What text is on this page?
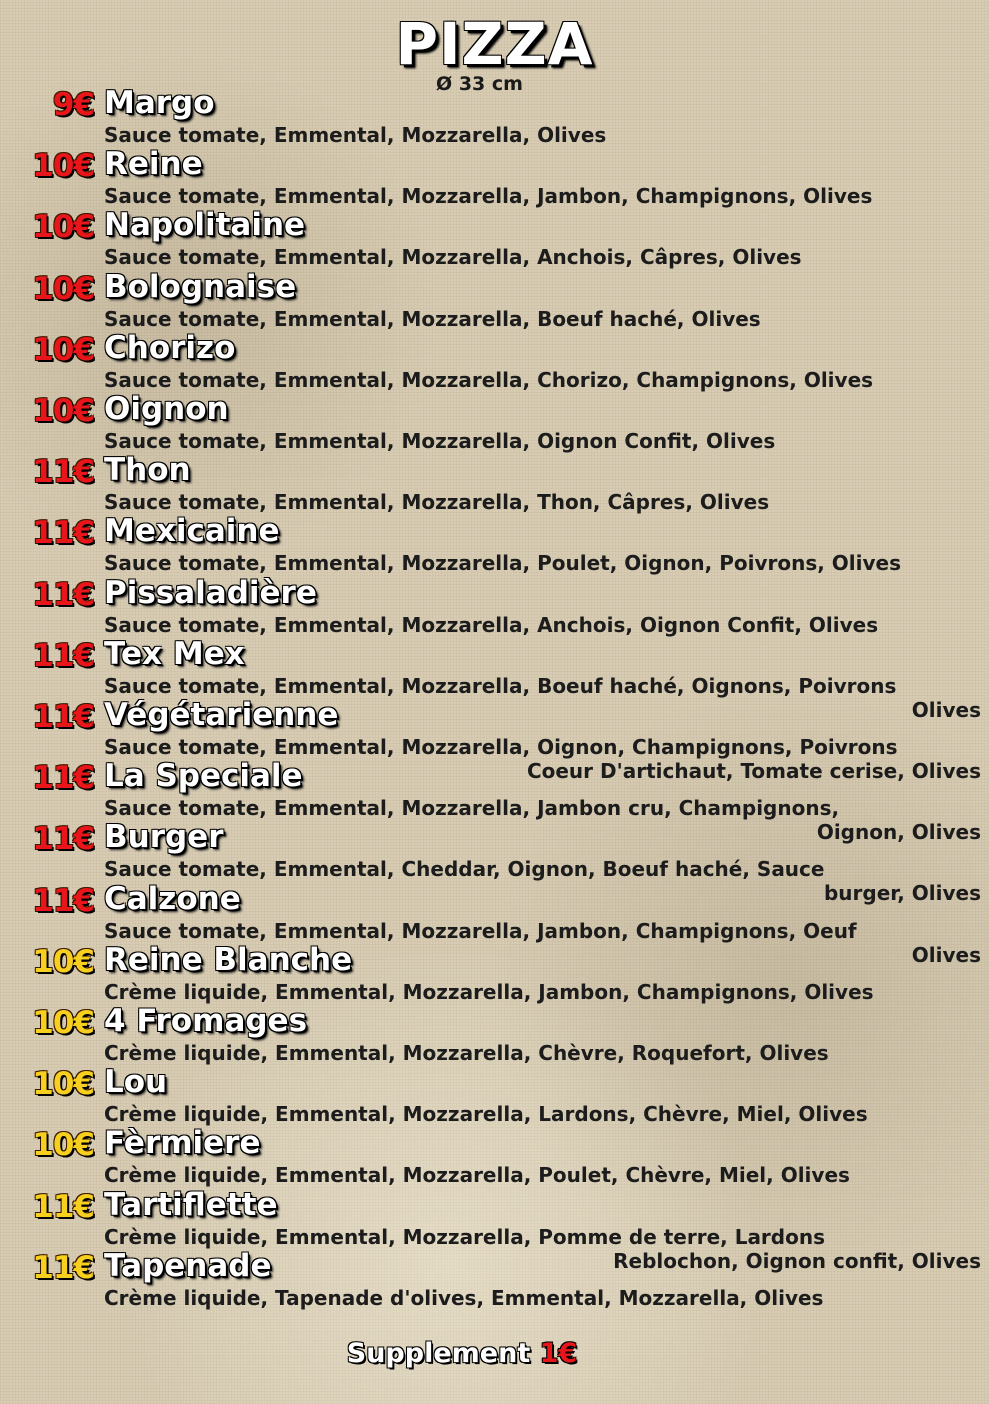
PIZZA
Ø 33 cm
9€ Margo
Sauce tomate, Emmental, Mozzarella, Olives
10€ Reine
Sauce tomate, Emmental, Mozzarella, Jambon, Champignons, Olives
10€ Napolitaine
Sauce tomate, Emmental, Mozzarella, Anchois, Câpres, Olives
10€ Bolognaise
Sauce tomate, Emmental, Mozzarella, Boeuf haché, Olives
10€ Chorizo
Sauce tomate, Emmental, Mozzarella, Chorizo, Champignons, Olives
10€ Oignon
Sauce tomate, Emmental, Mozzarella, Oignon Confit, Olives
11€ Thon
Sauce tomate, Emmental, Mozzarella, Thon, Câpres, Olives
11€ Mexicaine
Sauce tomate, Emmental, Mozzarella, Poulet, Oignon, Poivrons, Olives
11€ Pissaladière
Sauce tomate, Emmental, Mozzarella, Anchois, Oignon Confit, Olives
11€ Tex Mex
Sauce tomate, Emmental, Mozzarella, Boeuf haché, Oignons, Poivrons
Olives
11€ Végétarienne
Sauce tomate, Emmental, Mozzarella, Oignon, Champignons, Poivrons
Coeur D'artichaut, Tomate cerise, Olives
11€ La Speciale
Sauce tomate, Emmental, Mozzarella, Jambon cru, Champignons,
Oignon, Olives
11€ Burger
Sauce tomate, Emmental, Cheddar, Oignon, Boeuf haché, Sauce
burger, Olives
11€ Calzone
Sauce tomate, Emmental, Mozzarella, Jambon, Champignons, Oeuf
Olives
10€ Reine Blanche
Crème liquide, Emmental, Mozzarella, Jambon, Champignons, Olives
10€ 4 Fromages
Crème liquide, Emmental, Mozzarella, Chèvre, Roquefort, Olives
10€ Lou
Crème liquide, Emmental, Mozzarella, Lardons, Chèvre, Miel, Olives
10€ Fèrmiere
Crème liquide, Emmental, Mozzarella, Poulet, Chèvre, Miel, Olives
11€ Tartiflette
Crème liquide, Emmental, Mozzarella, Pomme de terre, Lardons
Reblochon, Oignon confit, Olives
11€ Tapenade
Crème liquide, Tapenade d'olives, Emmental, Mozzarella, Olives
Supplement 1€
